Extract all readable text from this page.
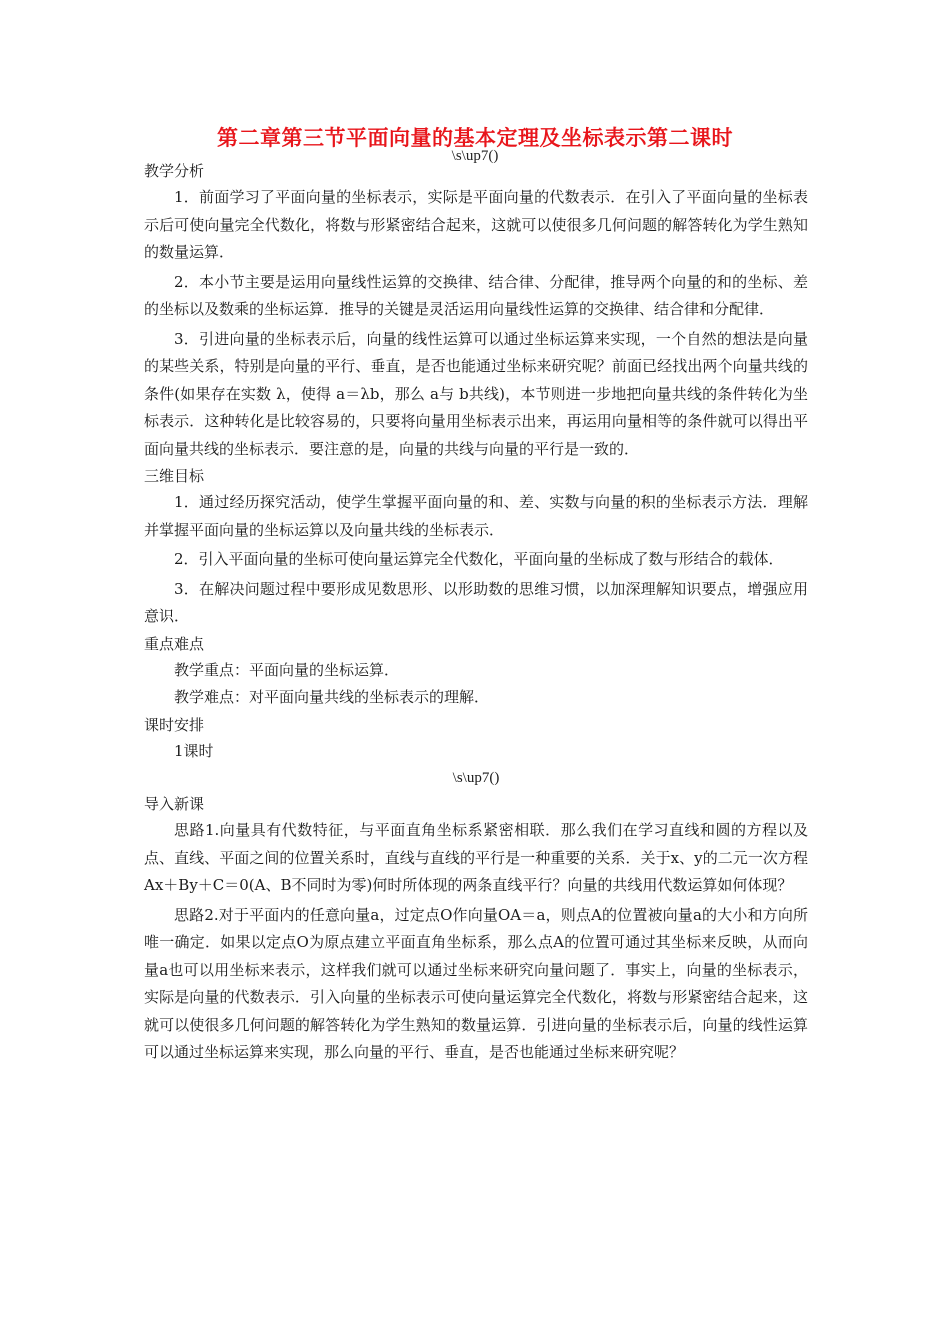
第二章第三节平面向量的基本定理及坐标表示第二课时
\s\up7()

教学分析

1．前面学习了平面向量的坐标表示，实际是平面向量的代数表示．在引入了平面向量的坐标表示后可使向量完全代数化，将数与形紧密结合起来，这就可以使很多几何问题的解答转化为学生熟知的数量运算．

2．本小节主要是运用向量线性运算的交换律、结合律、分配律，推导两个向量的和的坐标、差的坐标以及数乘的坐标运算．推导的关键是灵活运用向量线性运算的交换律、结合律和分配律．

3．引进向量的坐标表示后，向量的线性运算可以通过坐标运算来实现，一个自然的想法是向量的某些关系，特别是向量的平行、垂直，是否也能通过坐标来研究呢？前面已经找出两个向量共线的条件(如果存在实数 λ，使得 a＝λb，那么 a与 b共线)，本节则进一步地把向量共线的条件转化为坐标表示．这种转化是比较容易的，只要将向量用坐标表示出来，再运用向量相等的条件就可以得出平面向量共线的坐标表示．要注意的是，向量的共线与向量的平行是一致的．

三维目标

1．通过经历探究活动，使学生掌握平面向量的和、差、实数与向量的积的坐标表示方法．理解并掌握平面向量的坐标运算以及向量共线的坐标表示．

2．引入平面向量的坐标可使向量运算完全代数化，平面向量的坐标成了数与形结合的载体．

3．在解决问题过程中要形成见数思形、以形助数的思维习惯，以加深理解知识要点，增强应用意识．

重点难点

教学重点：平面向量的坐标运算．

教学难点：对平面向量共线的坐标表示的理解．

课时安排

1课时

\s\up7()

导入新课

思路1.向量具有代数特征，与平面直角坐标系紧密相联．那么我们在学习直线和圆的方程以及点、直线、平面之间的位置关系时，直线与直线的平行是一种重要的关系．关于x、y的二元一次方程Ax＋By＋C＝0(A、B不同时为零)何时所体现的两条直线平行？向量的共线用代数运算如何体现？

思路2.对于平面内的任意向量a，过定点O作向量OA＝a，则点A的位置被向量a的大小和方向所唯一确定．如果以定点O为原点建立平面直角坐标系，那么点A的位置可通过其坐标来反映，从而向量a也可以用坐标来表示，这样我们就可以通过坐标来研究向量问题了．事实上，向量的坐标表示，实际是向量的代数表示．引入向量的坐标表示可使向量运算完全代数化，将数与形紧密结合起来，这就可以使很多几何问题的解答转化为学生熟知的数量运算．引进向量的坐标表示后，向量的线性运算可以通过坐标运算来实现，那么向量的平行、垂直，是否也能通过坐标来研究呢？
